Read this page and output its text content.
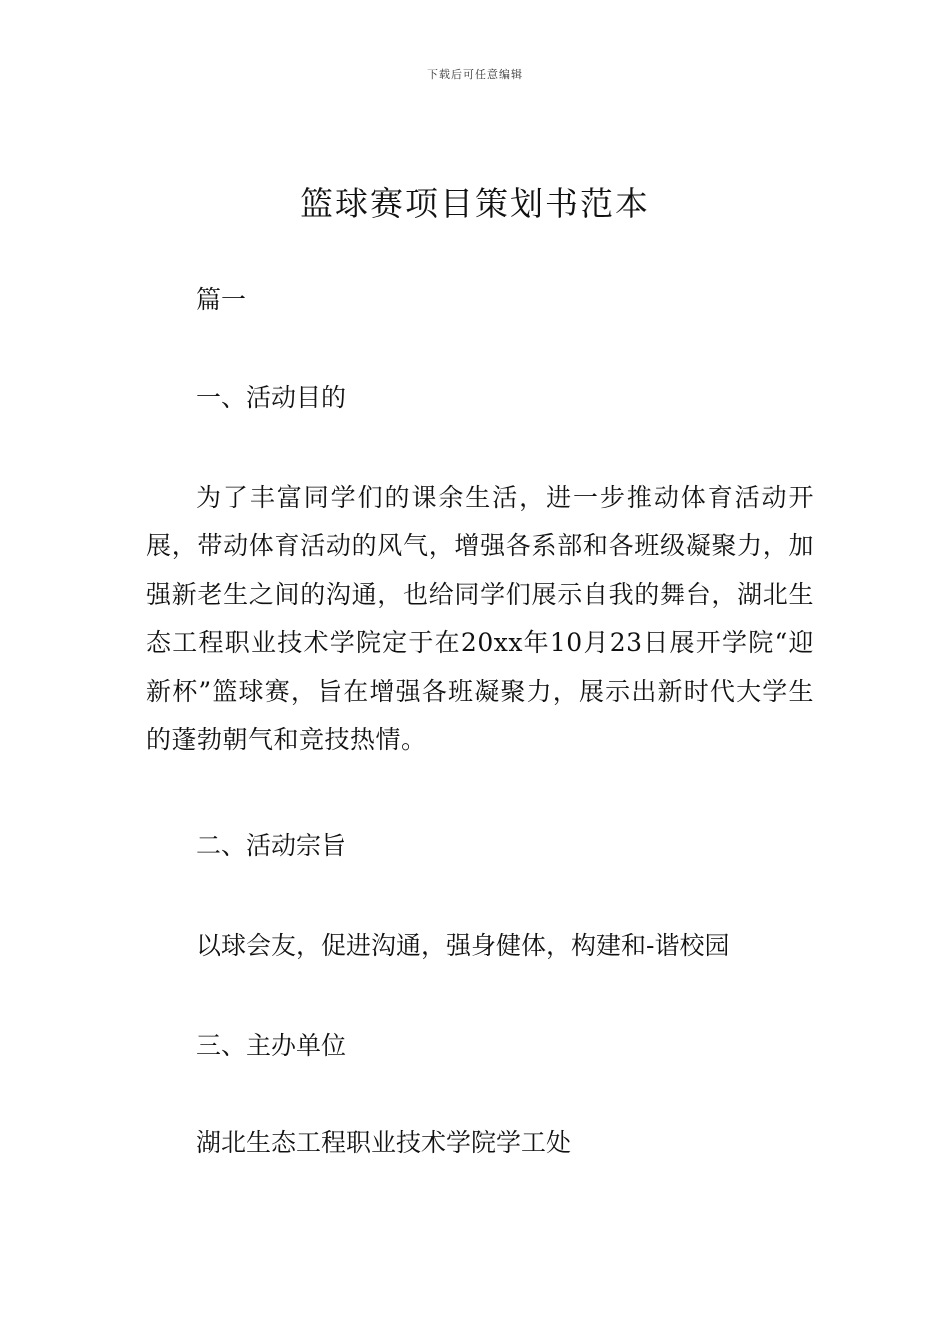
下载后可任意编辑
篮球赛项目策划书范本
篇一
一、活动目的
为了丰富同学们的课余生活，进一步推动体育活动开展，带动体育活动的风气，增强各系部和各班级凝聚力，加强新老生之间的沟通，也给同学们展示自我的舞台，湖北生态工程职业技术学院定于在20xx年10月23日展开学院“迎新杯”篮球赛，旨在增强各班凝聚力，展示出新时代大学生的蓬勃朝气和竞技热情。
二、活动宗旨
以球会友，促进沟通，强身健体，构建和-谐校园
三、主办单位
湖北生态工程职业技术学院学工处
